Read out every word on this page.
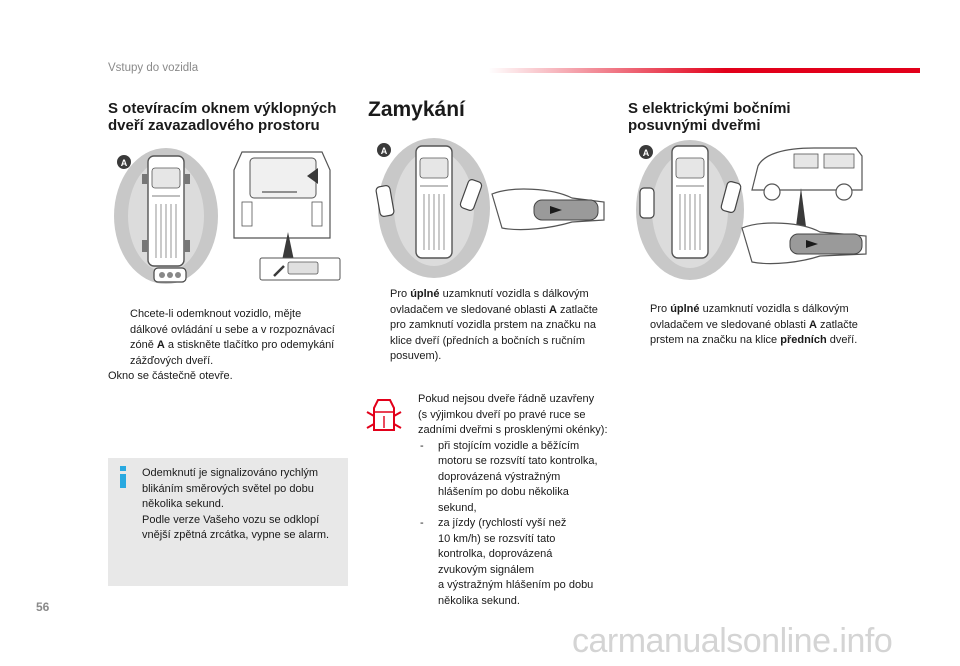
Vstupy do vozidla
S otevíracím oknem výklopných
dveří zavazadlového prostoru
A
Chcete-li odemknout vozidlo, mějte
dálkové ovládání u sebe a v rozpoznávací
zóně A a stiskněte tlačítko pro odemykání
zážďových dveří.
Okno se částečně otevře.
Odemknutí je signalizováno rychlým
blikáním směrových světel po dobu
několika sekund.
Podle verze Vašeho vozu se odklopí
vnější zpětná zrcátka, vypne se alarm.
Zamykání
A
Pro úplné uzamknutí vozidla s dálkovým
ovladačem ve sledované oblasti A zatlačte
pro zamknutí vozidla prstem na značku na
klice dveří (předních a bočních s ručním
posuvem).
Pokud nejsou dveře řádně uzavřeny
(s výjimkou dveří po pravé ruce se
zadními dveřmi s prosklenými okénky):
- při stojícím vozidle a běžícím
motoru se rozsvítí tato kontrolka,
doprovázená výstražným
hlášením po dobu několika
sekund,
- za jízdy (rychlostí vyší než
10 km/h) se rozsvítí tato
kontrolka, doprovázená
zvukovým signálem
a výstražným hlášením po dobu
několika sekund.
S elektrickými bočními
posuvnými dveřmi
A
Pro úplné uzamknutí vozidla s dálkovým
ovladačem ve sledované oblasti A zatlačte
prstem na značku na klice předních dveří.
56
carmanualsonline.info
